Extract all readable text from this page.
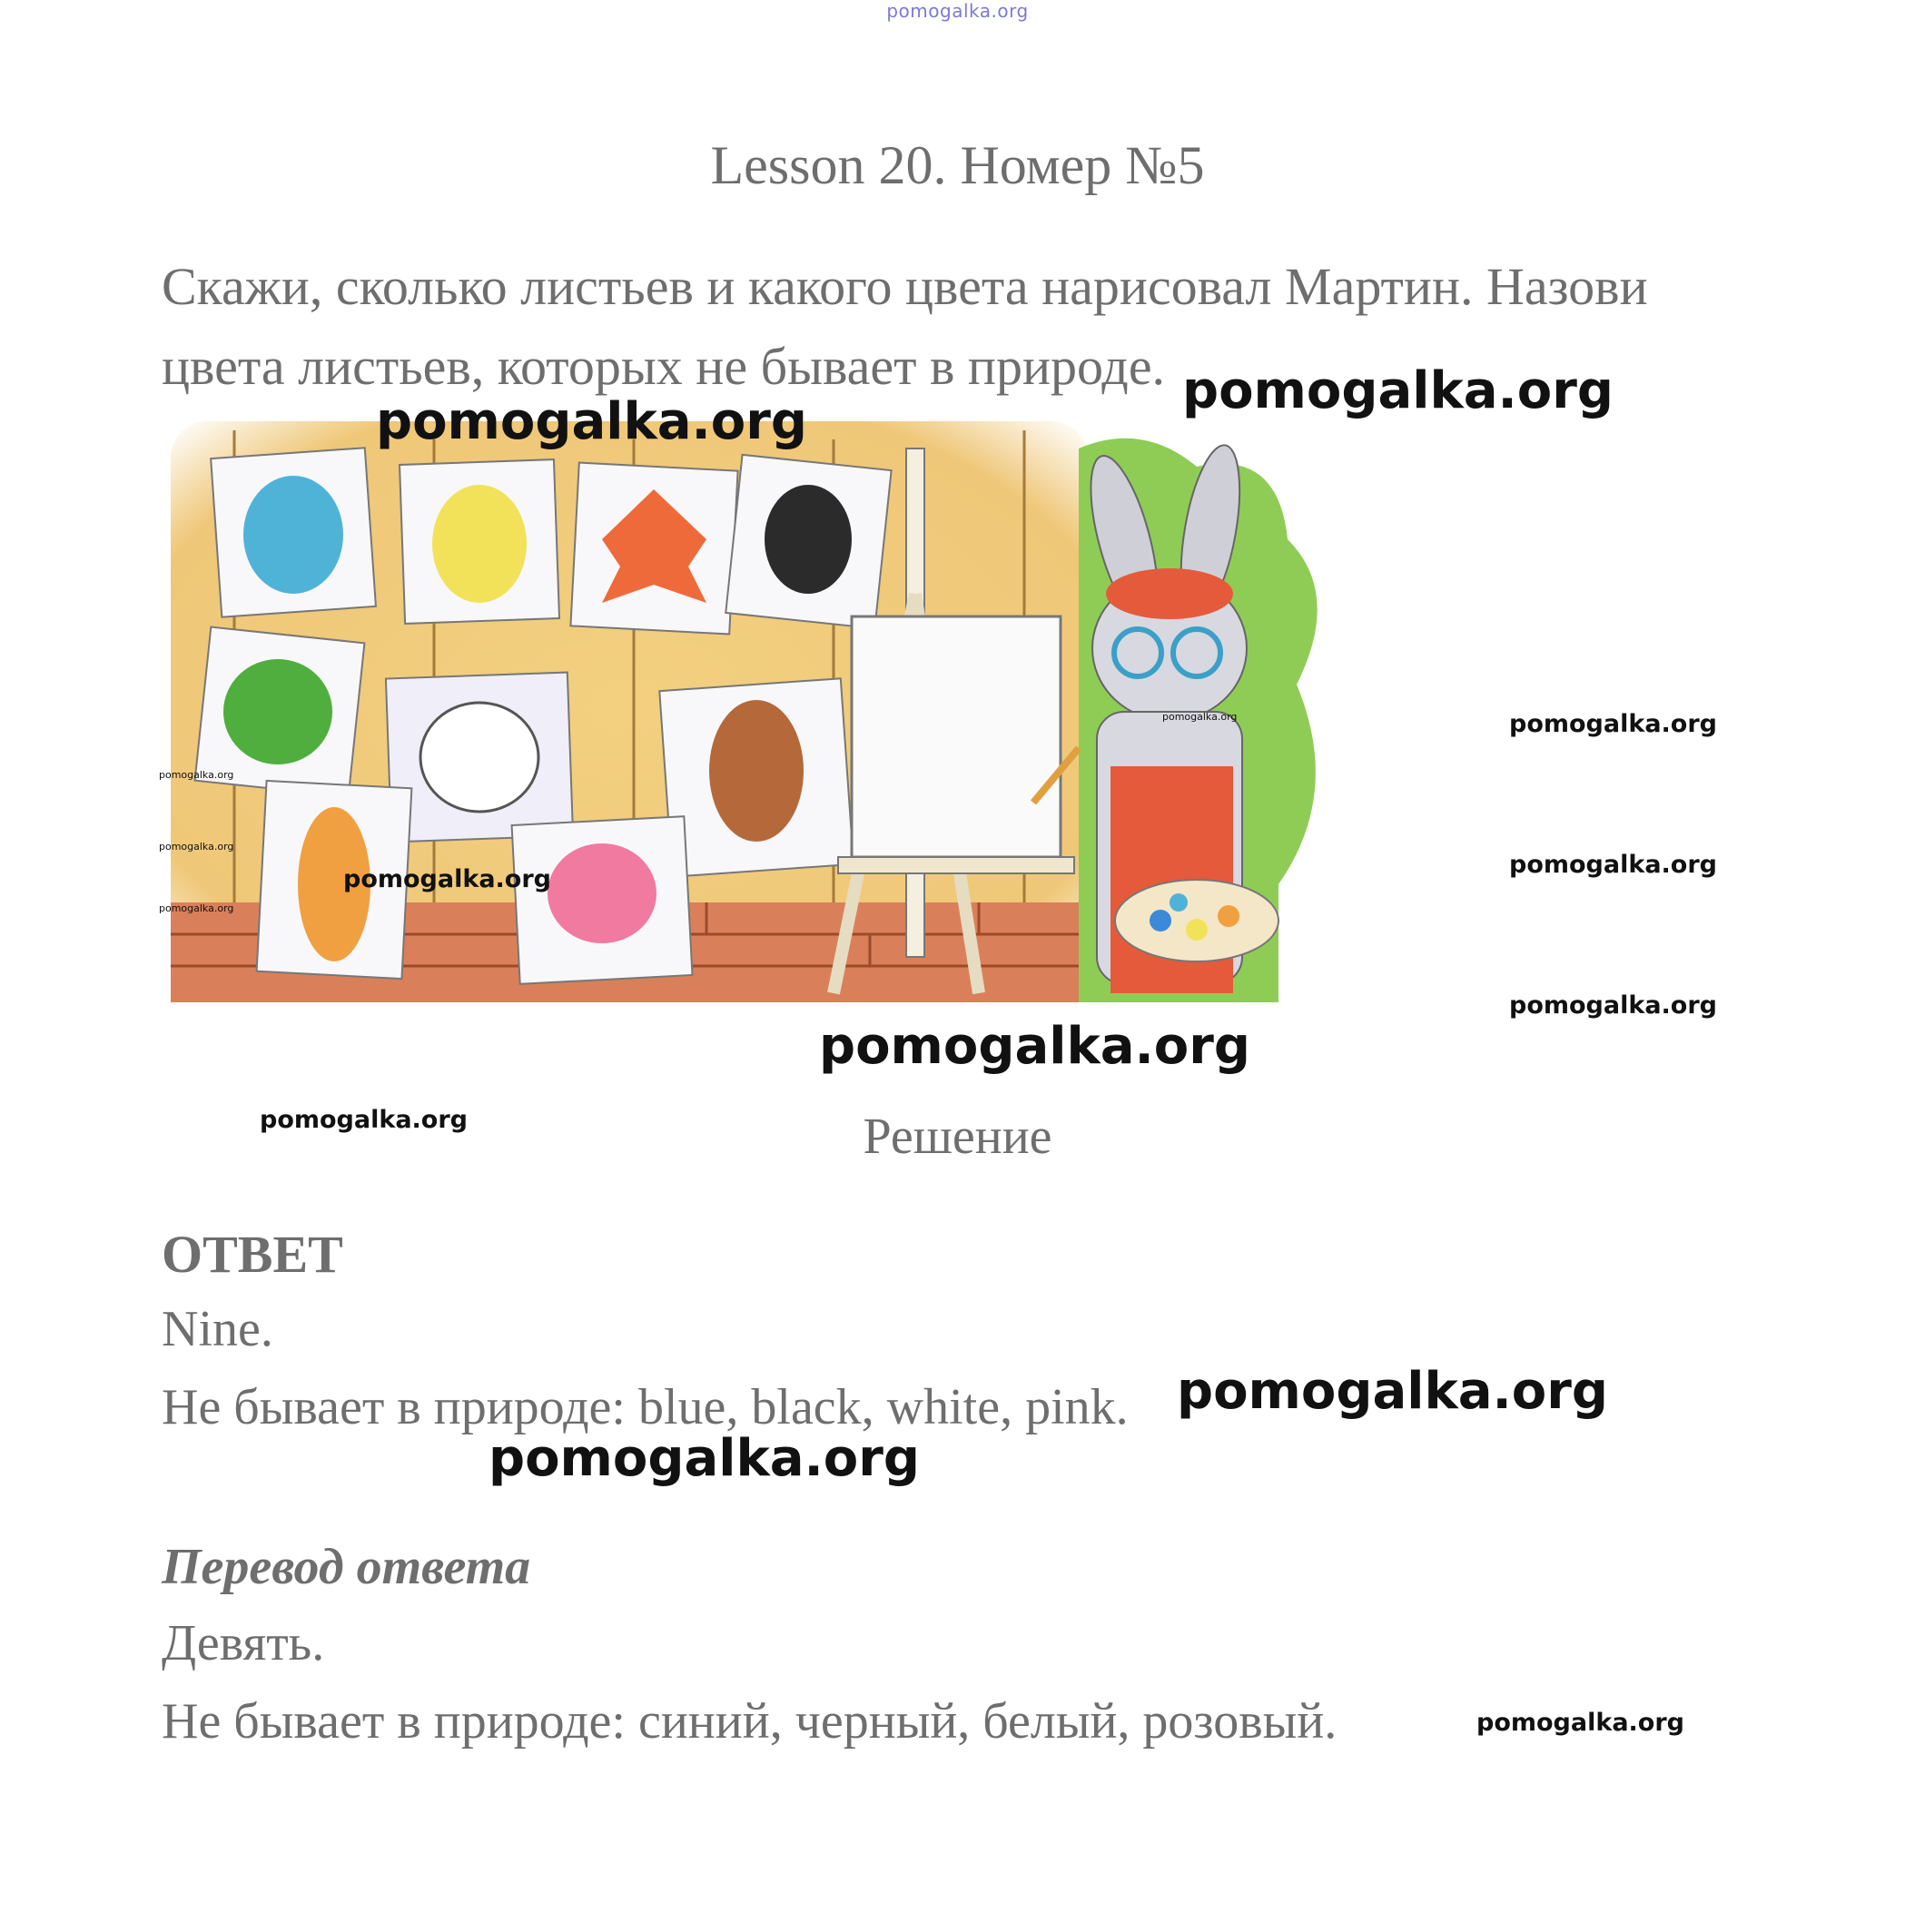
pomogalka.org
Lesson 20. Номер №5
Скажи, сколько листьев и какого цвета нарисовал Мартин. Назови
цвета листьев, которых не бывает в природе.
Решение
ОТВЕТ
Nine.
Не бывает в природе: blue, black, white, pink.
Перевод ответа
Девять.
Не бывает в природе: синий, черный, белый, розовый.
pomogalka.org
pomogalka.org
pomogalka.org
pomogalka.org
pomogalka.org
pomogalka.org
pomogalka.org
pomogalka.org
pomogalka.org
pomogalka.org
pomogalka.org
pomogalka.org
pomogalka.org
pomogalka.org
pomogalka.org
